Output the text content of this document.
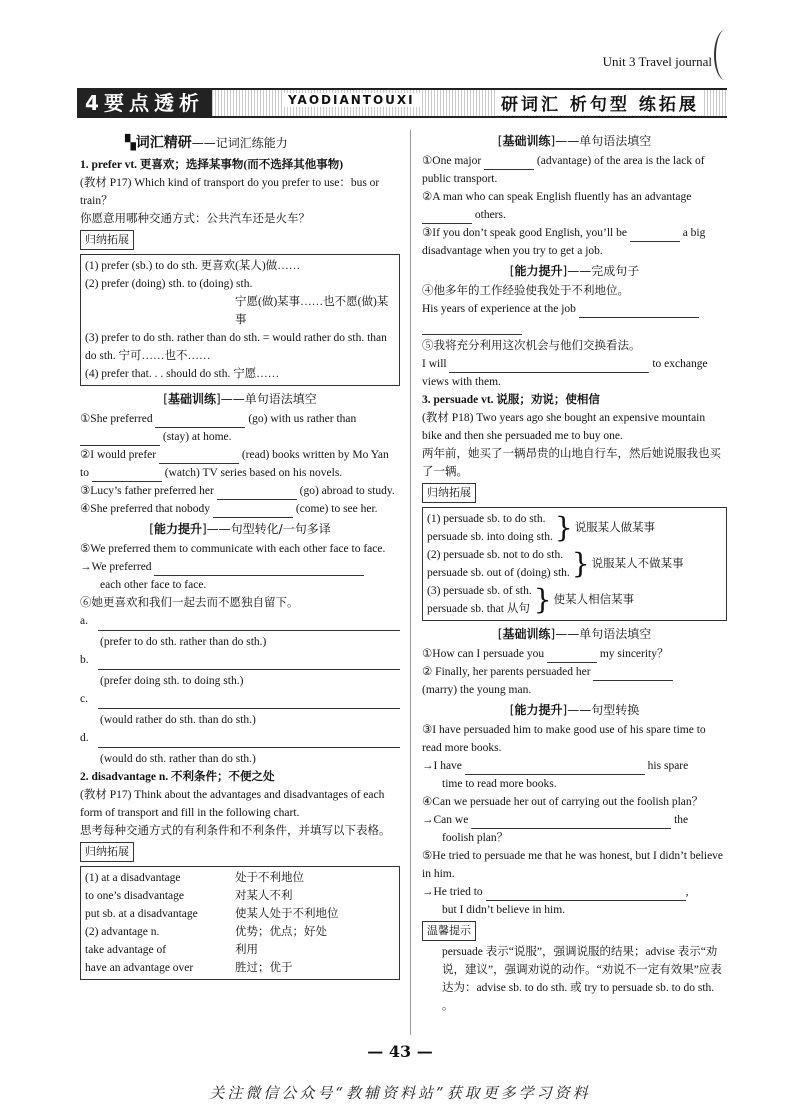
Unit 3 Travel journal
4要点透析	YAODIANTOUXI	研词汇 析句型 练拓展
▚词汇精研——记词汇练能力
1. prefer vt. 更喜欢；选择某事物(而不选择其他事物)
(教材 P17) Which kind of transport do you prefer to use：bus or train？
你愿意用哪种交通方式：公共汽车还是火车？
归纳拓展
(1) prefer (sb.) to do sth. 更喜欢(某人)做……
(2) prefer (doing) sth. to (doing) sth.
宁愿(做)某事……也不愿(做)某事
(3) prefer to do sth. rather than do sth. = would rather do sth. than do sth. 宁可……也不……
(4) prefer that. . . should do sth. 宁愿……
[基础训练]——单句语法填空
①She preferred	(go) with us rather than
(stay) at home.
②I would prefer	(read) books written by Mo Yan to	(watch) TV series based on his novels.
③Lucy’s father preferred her	(go) abroad to study.
④She preferred that nobody	(come) to see her.
[能力提升]——句型转化/一句多译
⑤We preferred them to communicate with each other face to face.
→We preferred
each other face to face.
⑥她更喜欢和我们一起去而不愿独自留下。
a.
(prefer to do sth. rather than do sth.)
b.
(prefer doing sth. to doing sth.)
c.
(would rather do sth. than do sth.)
d.
(would do sth. rather than do sth.)
2. disadvantage n. 不利条件；不便之处
(教材 P17) Think about the advantages and disadvantages of each form of transport and fill in the following chart.
思考每种交通方式的有利条件和不利条件，并填写以下表格。
归纳拓展
(1) at a disadvantage	处于不利地位
to one’s disadvantage	对某人不利
put sb. at a disadvantage	使某人处于不利地位
(2) advantage n.	优势；优点；好处
take advantage of	利用
have an advantage over	胜过；优于
[基础训练]——单句语法填空
①One major	(advantage) of the area is the lack of public transport.
②A man who can speak English fluently has an advantage  others.
③If you don’t speak good English, you’ll be	a big disadvantage when you try to get a job.
[能力提升]——完成句子
④他多年的工作经验使我处于不利地位。
His years of experience at the job
⑤我将充分利用这次机会与他们交换看法。
I will	to exchange views with them.
3. persuade vt. 说服；劝说；使相信
(教材 P18) Two years ago she bought an expensive mountain bike and then she persuaded me to buy one.
两年前，她买了一辆昂贵的山地自行车，然后她说服我也买了一辆。
归纳拓展
(1) persuade sb. to do sth.
persuade sb. into doing sth. } 说服某人做某事
(2) persuade sb. not to do sth.
persuade sb. out of (doing) sth. } 说服某人不做某事
(3) persuade sb. of sth.
persuade sb. that 从句 } 使某人相信某事
[基础训练]——单句语法填空
①How can I persuade you	my sincerity？
② Finally, her parents persuaded her
(marry) the young man.
[能力提升]——句型转换
③I have persuaded him to make good use of his spare time to read more books.
→I have	his spare
time to read more books.
④Can we persuade her out of carrying out the foolish plan？
→Can we	the
foolish plan？
⑤He tried to persuade me that he was honest, but I didn’t believe in him.
→He tried to	,
but I didn’t believe in him.
温馨提示
persuade 表示“说服”，强调说服的结果；advise 表示“劝说，建议”，强调劝说的动作。“劝说不一定有效果”应表达为：advise sb. to do sth. 或 try to persuade sb. to do sth. 。
— 43 —
关注微信公众号“教辅资料站”获取更多学习资料
